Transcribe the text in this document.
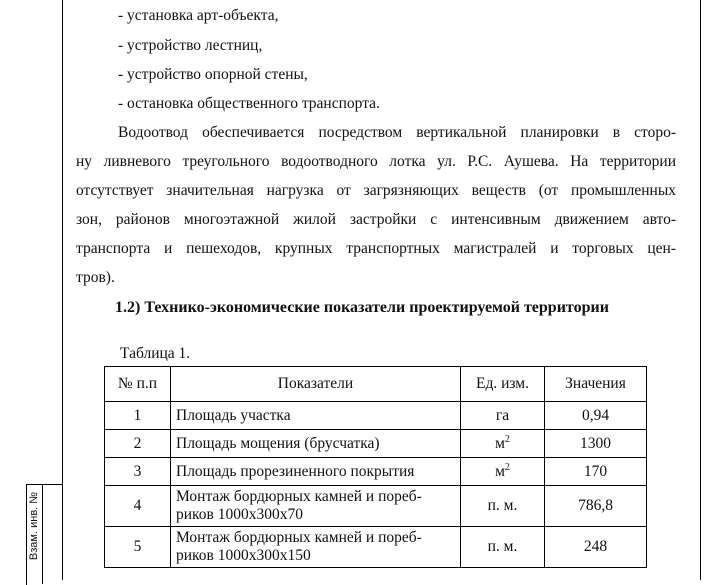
Взам. инв. №
- установка арт-объекта,
- устройство лестниц,
- устройство опорной стены,
- остановка общественного транспорта.
Водоотвод обеспечивается посредством вертикальной планировки в сторо-
ну ливневого треугольного водоотводного лотка ул. Р.С. Аушева. На территории
отсутствует значительная нагрузка от загрязняющих веществ (от промышленных
зон, районов многоэтажной жилой застройки с интенсивным движением авто-
транспорта и пешеходов, крупных транспортных магистралей и торговых цен-
тров).
1.2) Технико-экономические показатели проектируемой территории
Таблица 1.
№ п.п	Показатели	Ед. изм.	Значения
1	Площадь участка	га	0,94
2	Площадь мощения (брусчатка)	$м^2$	1300
3	Площадь прорезиненного покрытия	$м^2$	170
4	Монтаж бордюрных камней и пореб-
риков 1000х300х70	п. м.	786,8
5	Монтаж бордюрных камней и пореб-
риков 1000х300х150	п. м.	248
